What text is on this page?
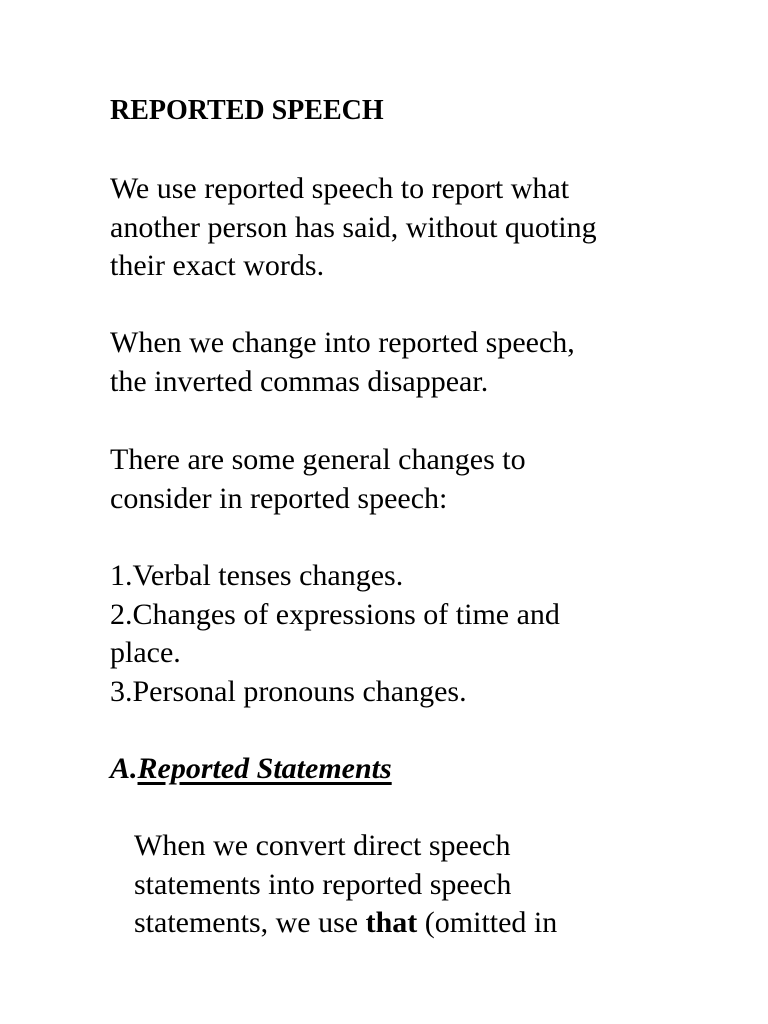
REPORTED SPEECH

We use reported speech to report what
another person has said, without quoting
their exact words.

When we change into reported speech,
the inverted commas disappear.

There are some general changes to
consider in reported speech:

1.Verbal tenses changes.
2.Changes of expressions of time and
place.
3.Personal pronouns changes.
A.Reported Statements

When we convert direct speech
statements into reported speech
statements, we use that (omitted in
